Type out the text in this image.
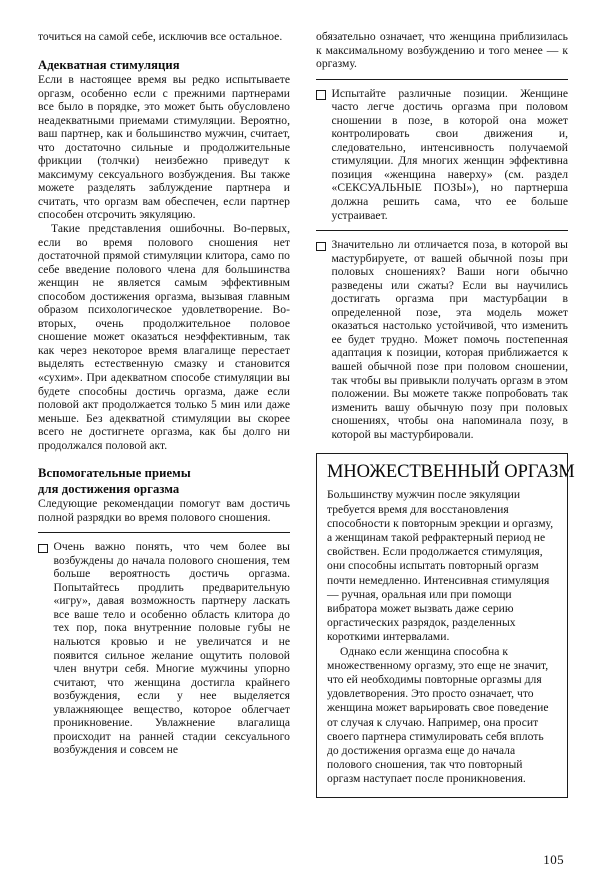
точиться на самой себе, исключив все остальное.

Адекватная стимуляция

Если в настоящее время вы редко испытываете оргазм, особенно если с прежними партнерами все было в порядке, это может быть обусловлено неадекватными приемами стимуляции. Вероятно, ваш партнер, как и большинство мужчин, считает, что достаточно сильные и продолжительные фрикции (толчки) неизбежно приведут к максимуму сексуального возбуждения. Вы также можете разделять заблуждение партнера и считать, что оргазм вам обеспечен, если партнер способен отсрочить эякуляцию.

Такие представления ошибочны. Во-первых, если во время полового сношения нет достаточной прямой стимуляции клитора, само по себе введение полового члена для большинства женщин не является самым эффективным способом достижения оргазма, вызывая главным образом психологическое удовлетворение. Во-вторых, очень продолжительное половое сношение может оказаться неэффективным, так как через некоторое время влагалище перестает выделять естественную смазку и становится «сухим». При адекватном способе стимуляции вы будете способны достичь оргазма, даже если половой акт продолжается только 5 мин или даже меньше. Без адекватной стимуляции вы скорее всего не достигнете оргазма, как бы долго ни продолжался половой акт.

Вспомогательные приемы
для достижения оргазма

Следующие рекомендации помогут вам достичь полной разрядки во время полового сношения.

Очень важно понять, что чем более вы возбуждены до начала полового сношения, тем больше вероятность достичь оргазма. Попытайтесь продлить предварительную «игру», давая возможность партнеру ласкать все ваше тело и особенно область клитора до тех пор, пока внутренние половые губы не нальются кровью и не увеличатся и не появится сильное желание ощутить половой член внутри себя. Многие мужчины упорно считают, что женщина достигла крайнего возбуждения, если у нее выделяется увлажняющее вещество, которое облегчает проникновение. Увлажнение влагалища происходит на ранней стадии сексуального возбуждения и совсем не

обязательно означает, что женщина приблизилась к максимальному возбуждению и того менее — к оргазму.

Испытайте различные позиции. Женщине часто легче достичь оргазма при половом сношении в позе, в которой она может контролировать свои движения и, следовательно, интенсивность получаемой стимуляции. Для многих женщин эффективна позиция «женщина наверху» (см. раздел «СЕКСУАЛЬНЫЕ ПОЗЫ»), но партнерша должна решить сама, что ее больше устраивает.

Значительно ли отличается поза, в которой вы мастурбируете, от вашей обычной позы при половых сношениях? Ваши ноги обычно разведены или сжаты? Если вы научились достигать оргазма при мастурбации в определенной позе, эта модель может оказаться настолько устойчивой, что изменить ее будет трудно. Может помочь постепенная адаптация к позиции, которая приближается к вашей обычной позе при половом сношении, так чтобы вы привыкли получать оргазм в этом положении. Вы можете также попробовать так изменить вашу обычную позу при половых сношениях, чтобы она напоминала позу, в которой вы мастурбировали.

МНОЖЕСТВЕННЫЙ ОРГАЗМ

Большинству мужчин после эякуляции требуется время для восстановления способности к повторным эрекции и оргазму, а женщинам такой рефрактерный период не свойствен. Если продолжается стимуляция, они способны испытать повторный оргазм почти немедленно. Интенсивная стимуляция — ручная, оральная или при помощи вибратора может вызвать даже серию оргастических разрядок, разделенных короткими интервалами.

Однако если женщина способна к множественному оргазму, это еще не значит, что ей необходимы повторные оргазмы для удовлетворения. Это просто означает, что женщина может варьировать свое поведение от случая к случаю. Например, она просит своего партнера стимулировать себя вплоть до достижения оргазма еще до начала полового сношения, так что повторный оргазм наступает после проникновения.

105
